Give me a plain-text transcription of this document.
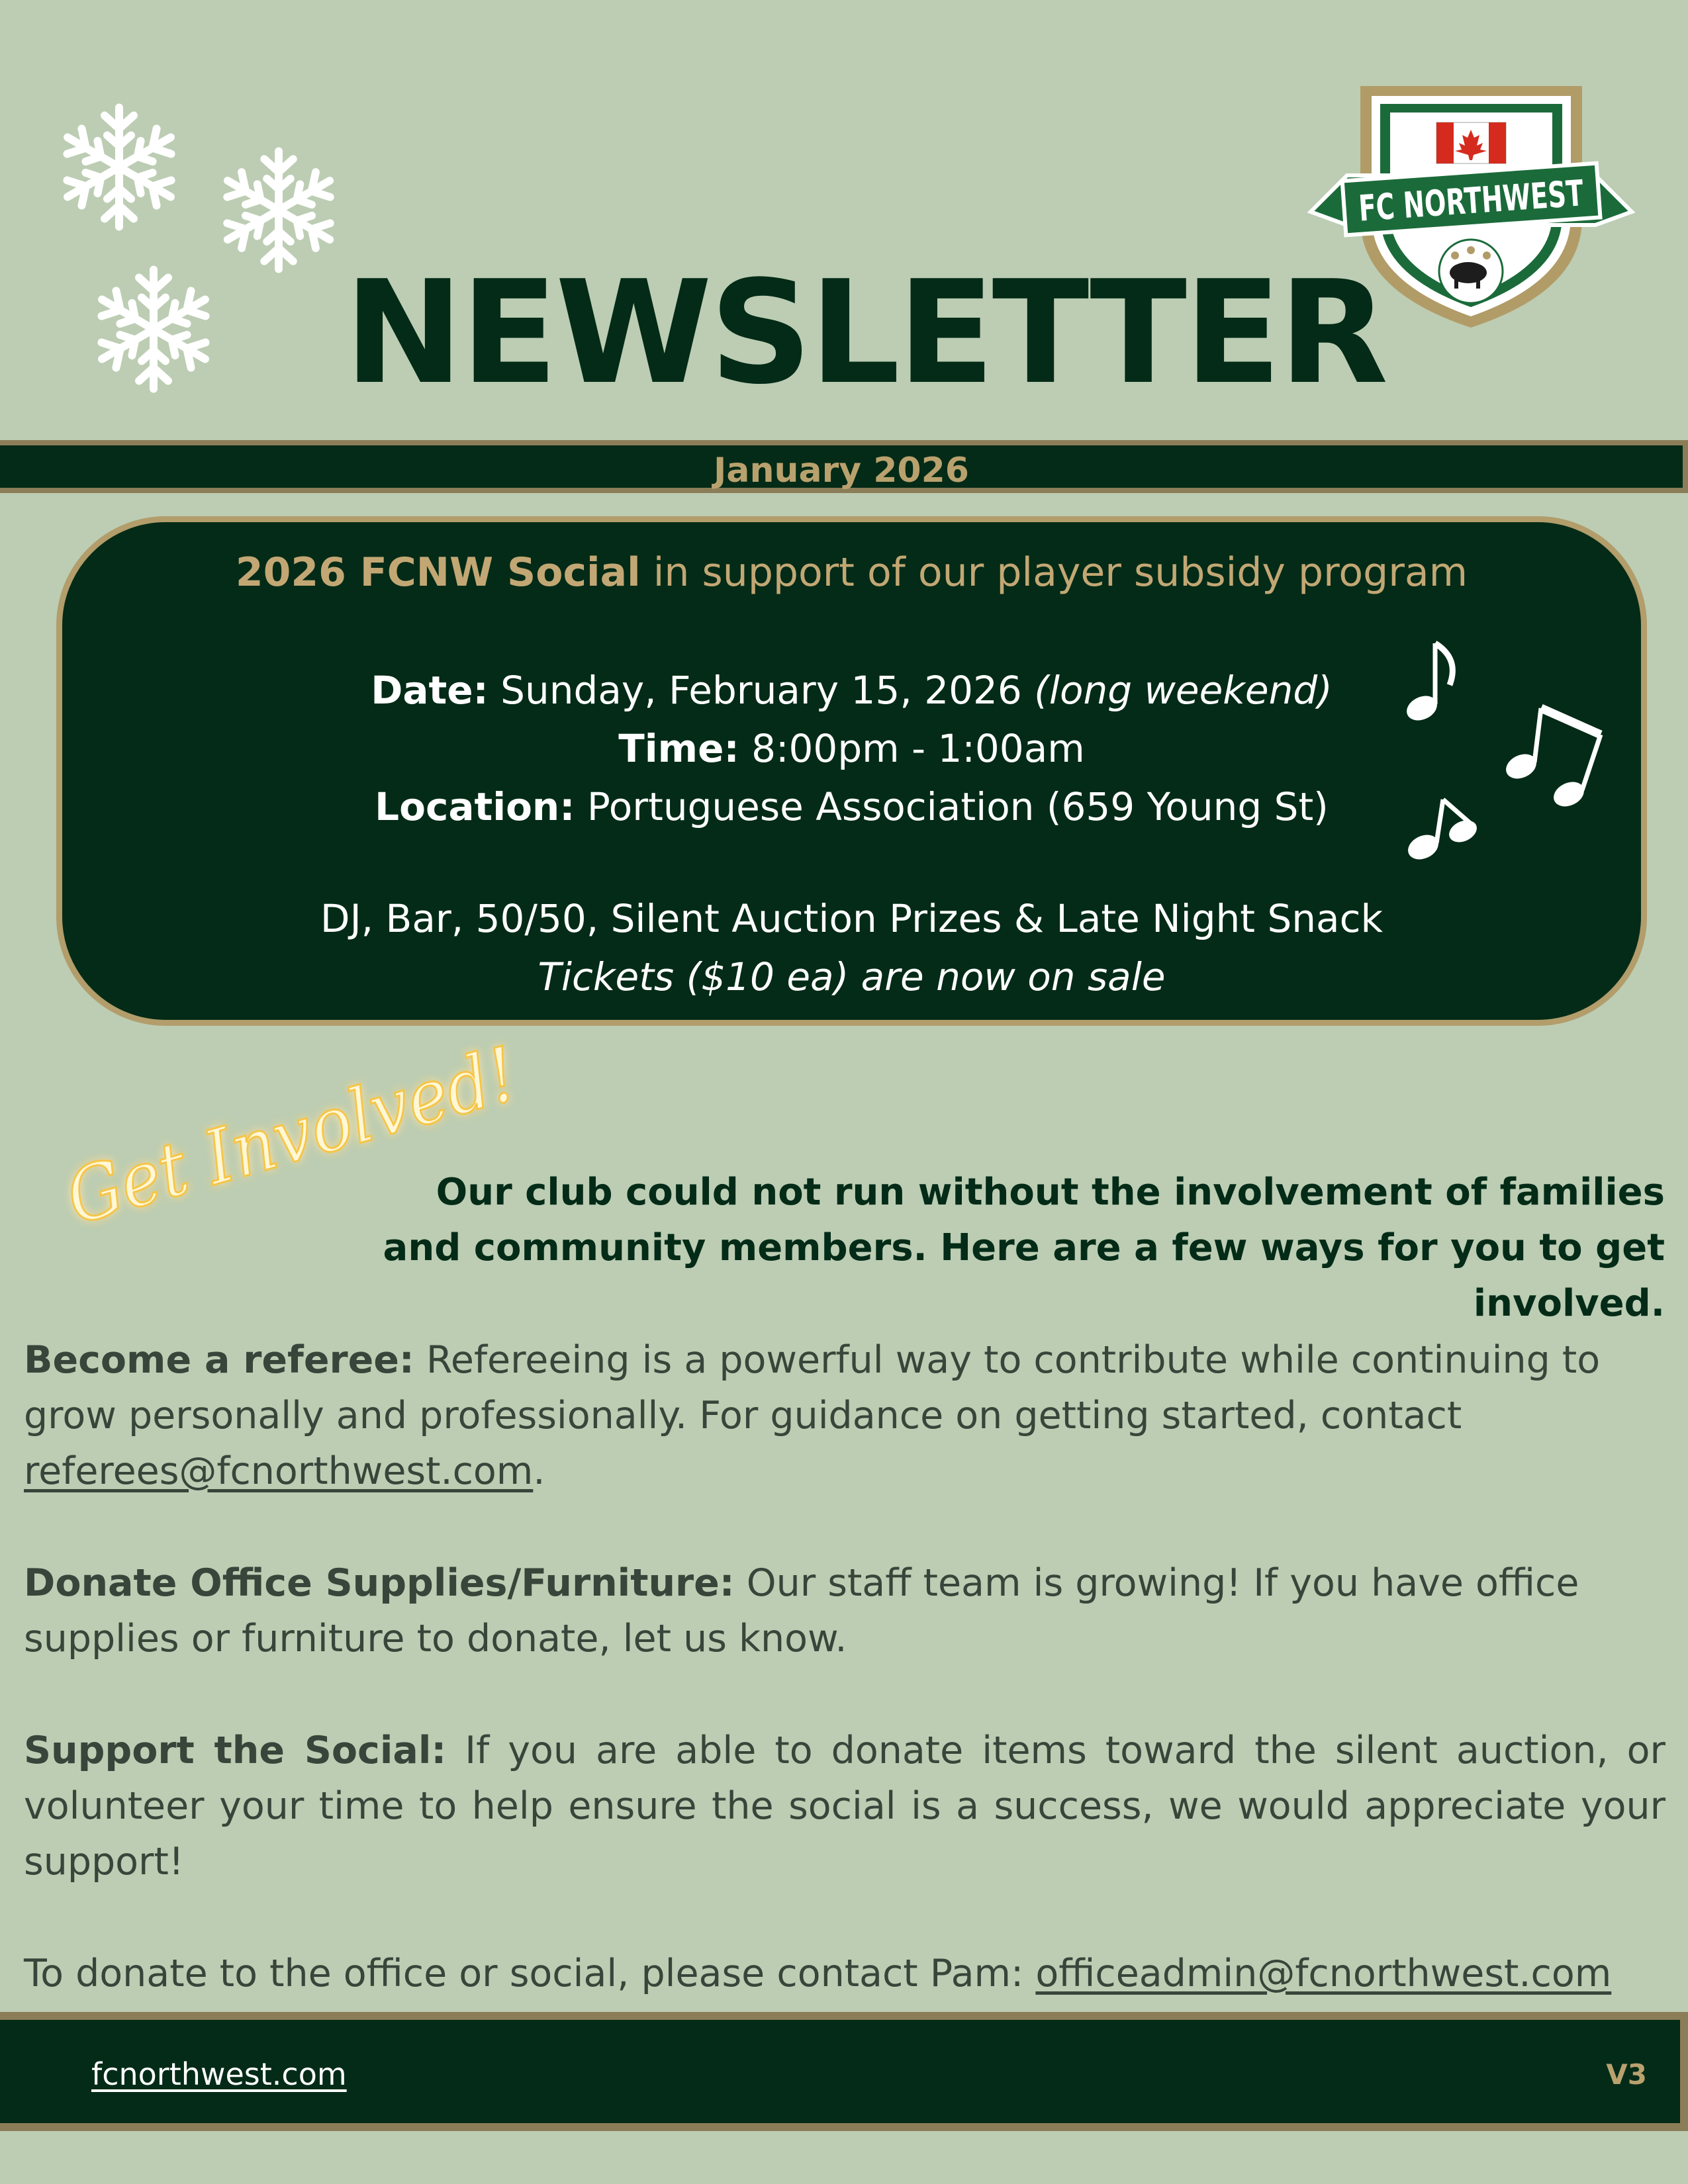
FC NORTHWEST
NEWSLETTER
January 2026
2026 FCNW Social in support of our player subsidy program
Date: Sunday, February 15, 2026 (long weekend)
Time: 8:00pm - 1:00am
Location: Portuguese Association (659 Young St)
DJ, Bar, 50/50, Silent Auction Prizes & Late Night Snack
Tickets ($10 ea) are now on sale
Get Involved!
Our club could not run without the involvement of families
and community members. Here are a few ways for you to get involved.
Become a referee: Refereeing is a powerful way to contribute while continuing to grow personally and professionally. For guidance on getting started, contact referees@fcnorthwest.com.
Donate Office Supplies/Furniture: Our staff team is growing! If you have office supplies or furniture to donate, let us know.
Support the Social: If you are able to donate items toward the silent auction, or volunteer your time to help ensure the social is a success, we would appreciate your support!
To donate to the office or social, please contact Pam: officeadmin@fcnorthwest.com
fcnorthwest.com	V3
